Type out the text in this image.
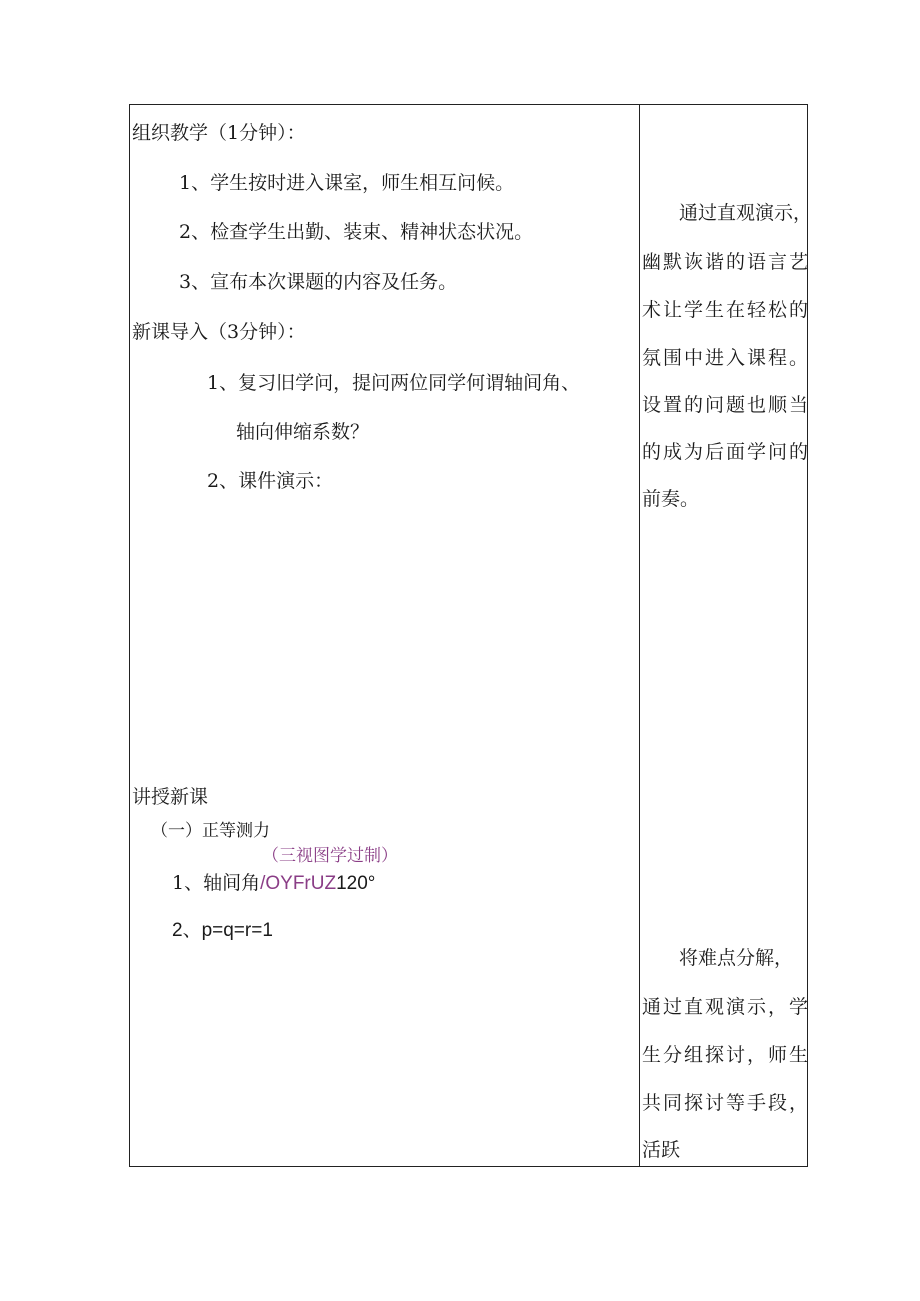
组织教学（1分钟）：
1、学生按时进入课室，师生相互问候。
2、检查学生出勤、装束、精神状态状况。
3、宣布本次课题的内容及任务。
新课导入（3分钟）：
1、复习旧学问，提问两位同学何谓轴间角、
轴向伸缩系数？
2、课件演示：
讲授新课
（一）正等测力
（三视图学过制）
1、轴间角/OYFrUZ120°
2、p=q=r=1
通过直观演示，
幽默诙谐的语言艺
术让学生在轻松的
氛围中进入课程。
设置的问题也顺当
的成为后面学问的
前奏。
将难点分解，
通过直观演示，学
生分组探讨，师生
共同探讨等手段，
活跃
